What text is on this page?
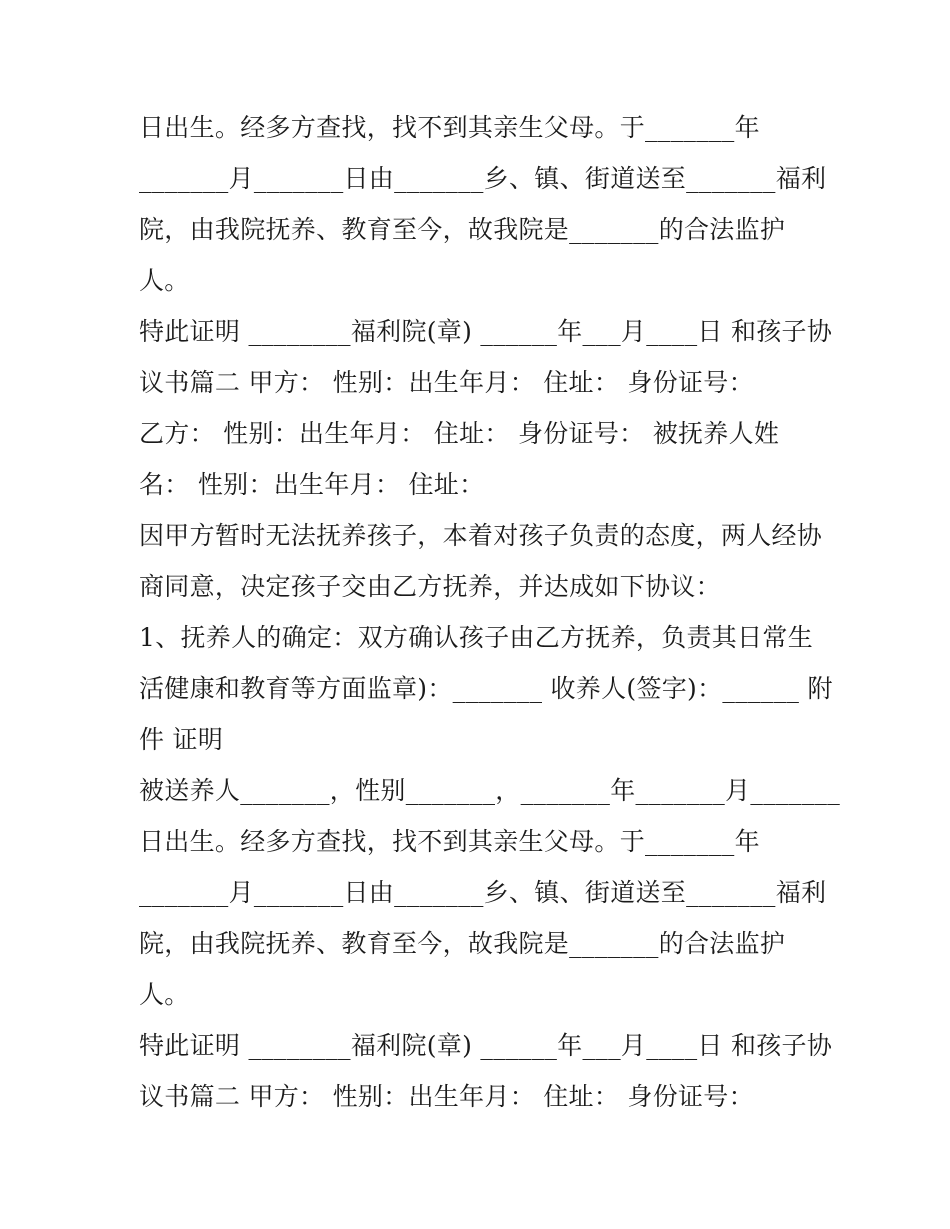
日出生。经多方查找，找不到其亲生父母。于_______年
_______月_______日由_______乡、镇、街道送至_______福利
院，由我院抚养、教育至今，故我院是_______的合法监护
人。
特此证明 ________福利院(章) ______年___月____日 和孩子协
议书篇二 甲方： 性别：出生年月： 住址： 身份证号：
乙方： 性别：出生年月： 住址： 身份证号： 被抚养人姓
名： 性别：出生年月： 住址：
因甲方暂时无法抚养孩子，本着对孩子负责的态度，两人经协
商同意，决定孩子交由乙方抚养，并达成如下协议：
1、抚养人的确定：双方确认孩子由乙方抚养，负责其日常生
活健康和教育等方面监章)：_______ 收养人(签字)：______ 附
件 证明
被送养人_______，性别_______，_______年_______月_______
日出生。经多方查找，找不到其亲生父母。于_______年
_______月_______日由_______乡、镇、街道送至_______福利
院，由我院抚养、教育至今，故我院是_______的合法监护
人。
特此证明 ________福利院(章) ______年___月____日 和孩子协
议书篇二 甲方： 性别：出生年月： 住址： 身份证号：
